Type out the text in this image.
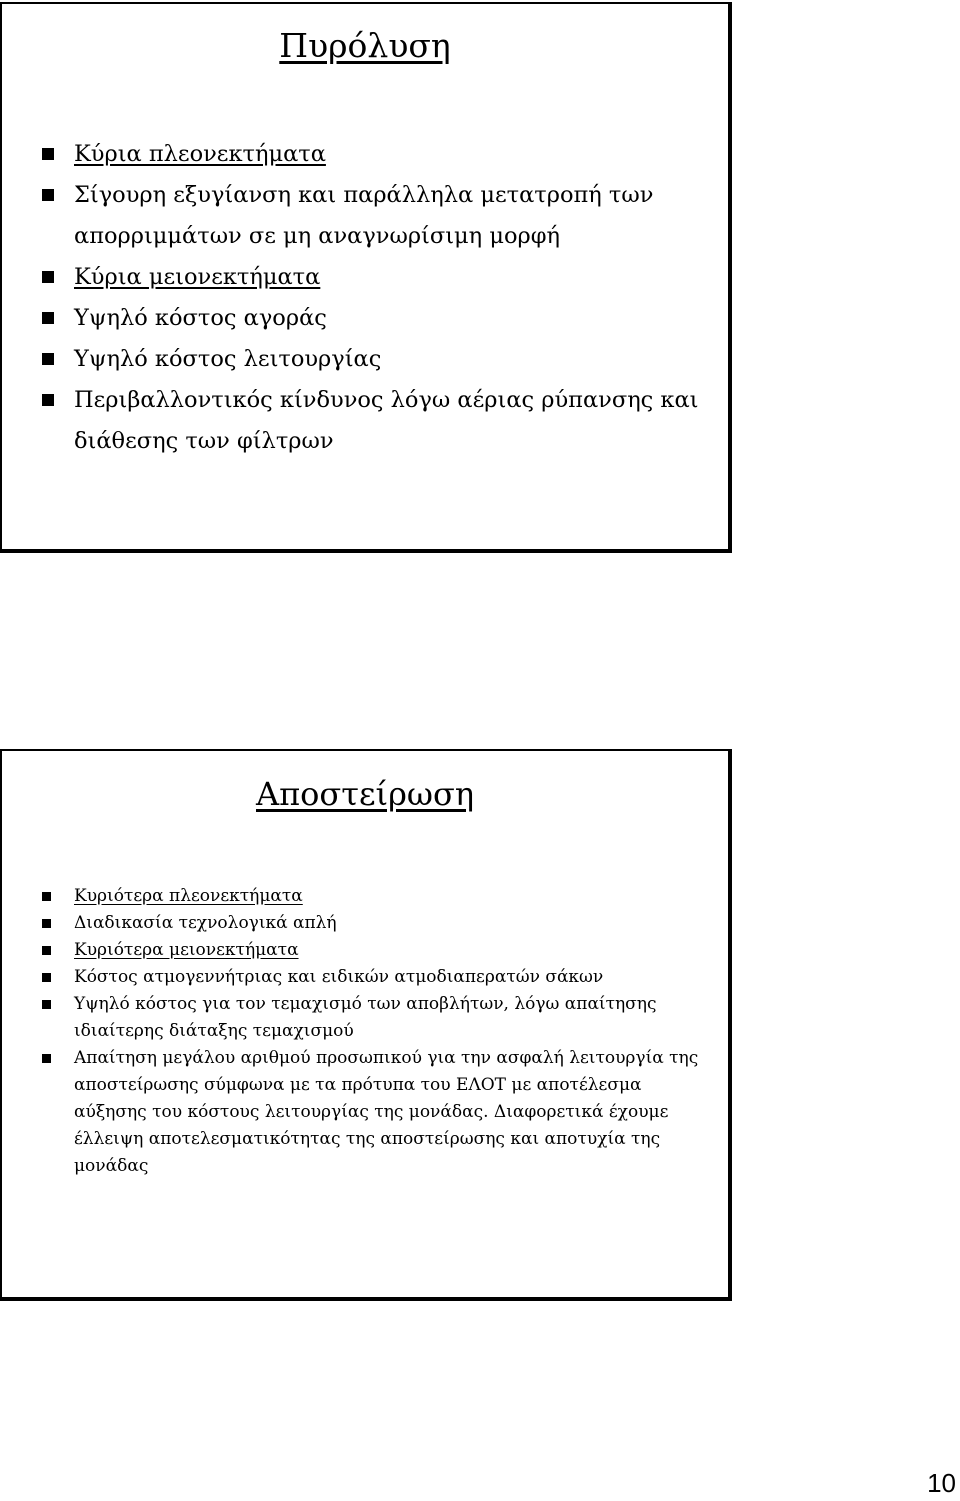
Πυρόλυση
Κύρια πλεονεκτήματα
Σίγουρη εξυγίανση και παράλληλα μετατροπή των απορριμμάτων σε μη αναγνωρίσιμη μορφή
Κύρια μειονεκτήματα
Υψηλό κόστος αγοράς
Υψηλό κόστος λειτουργίας
Περιβαλλοντικός κίνδυνος λόγω αέριας ρύπανσης και διάθεσης των φίλτρων
Αποστείρωση
Κυριότερα πλεονεκτήματα
Διαδικασία τεχνολογικά απλή
Κυριότερα μειονεκτήματα
Κόστος ατμογεννήτριας και ειδικών ατμοδιαπερατών σάκων
Υψηλό κόστος για τον τεμαχισμό των αποβλήτων, λόγω απαίτησης ιδιαίτερης διάταξης τεμαχισμού
Απαίτηση μεγάλου αριθμού προσωπικού για την ασφαλή λειτουργία της αποστείρωσης σύμφωνα με τα πρότυπα του ΕΛΟΤ με αποτέλεσμα αύξησης του κόστους λειτουργίας της μονάδας. Διαφορετικά έχουμε έλλειψη αποτελεσματικότητας της αποστείρωσης και αποτυχία της μονάδας
10
